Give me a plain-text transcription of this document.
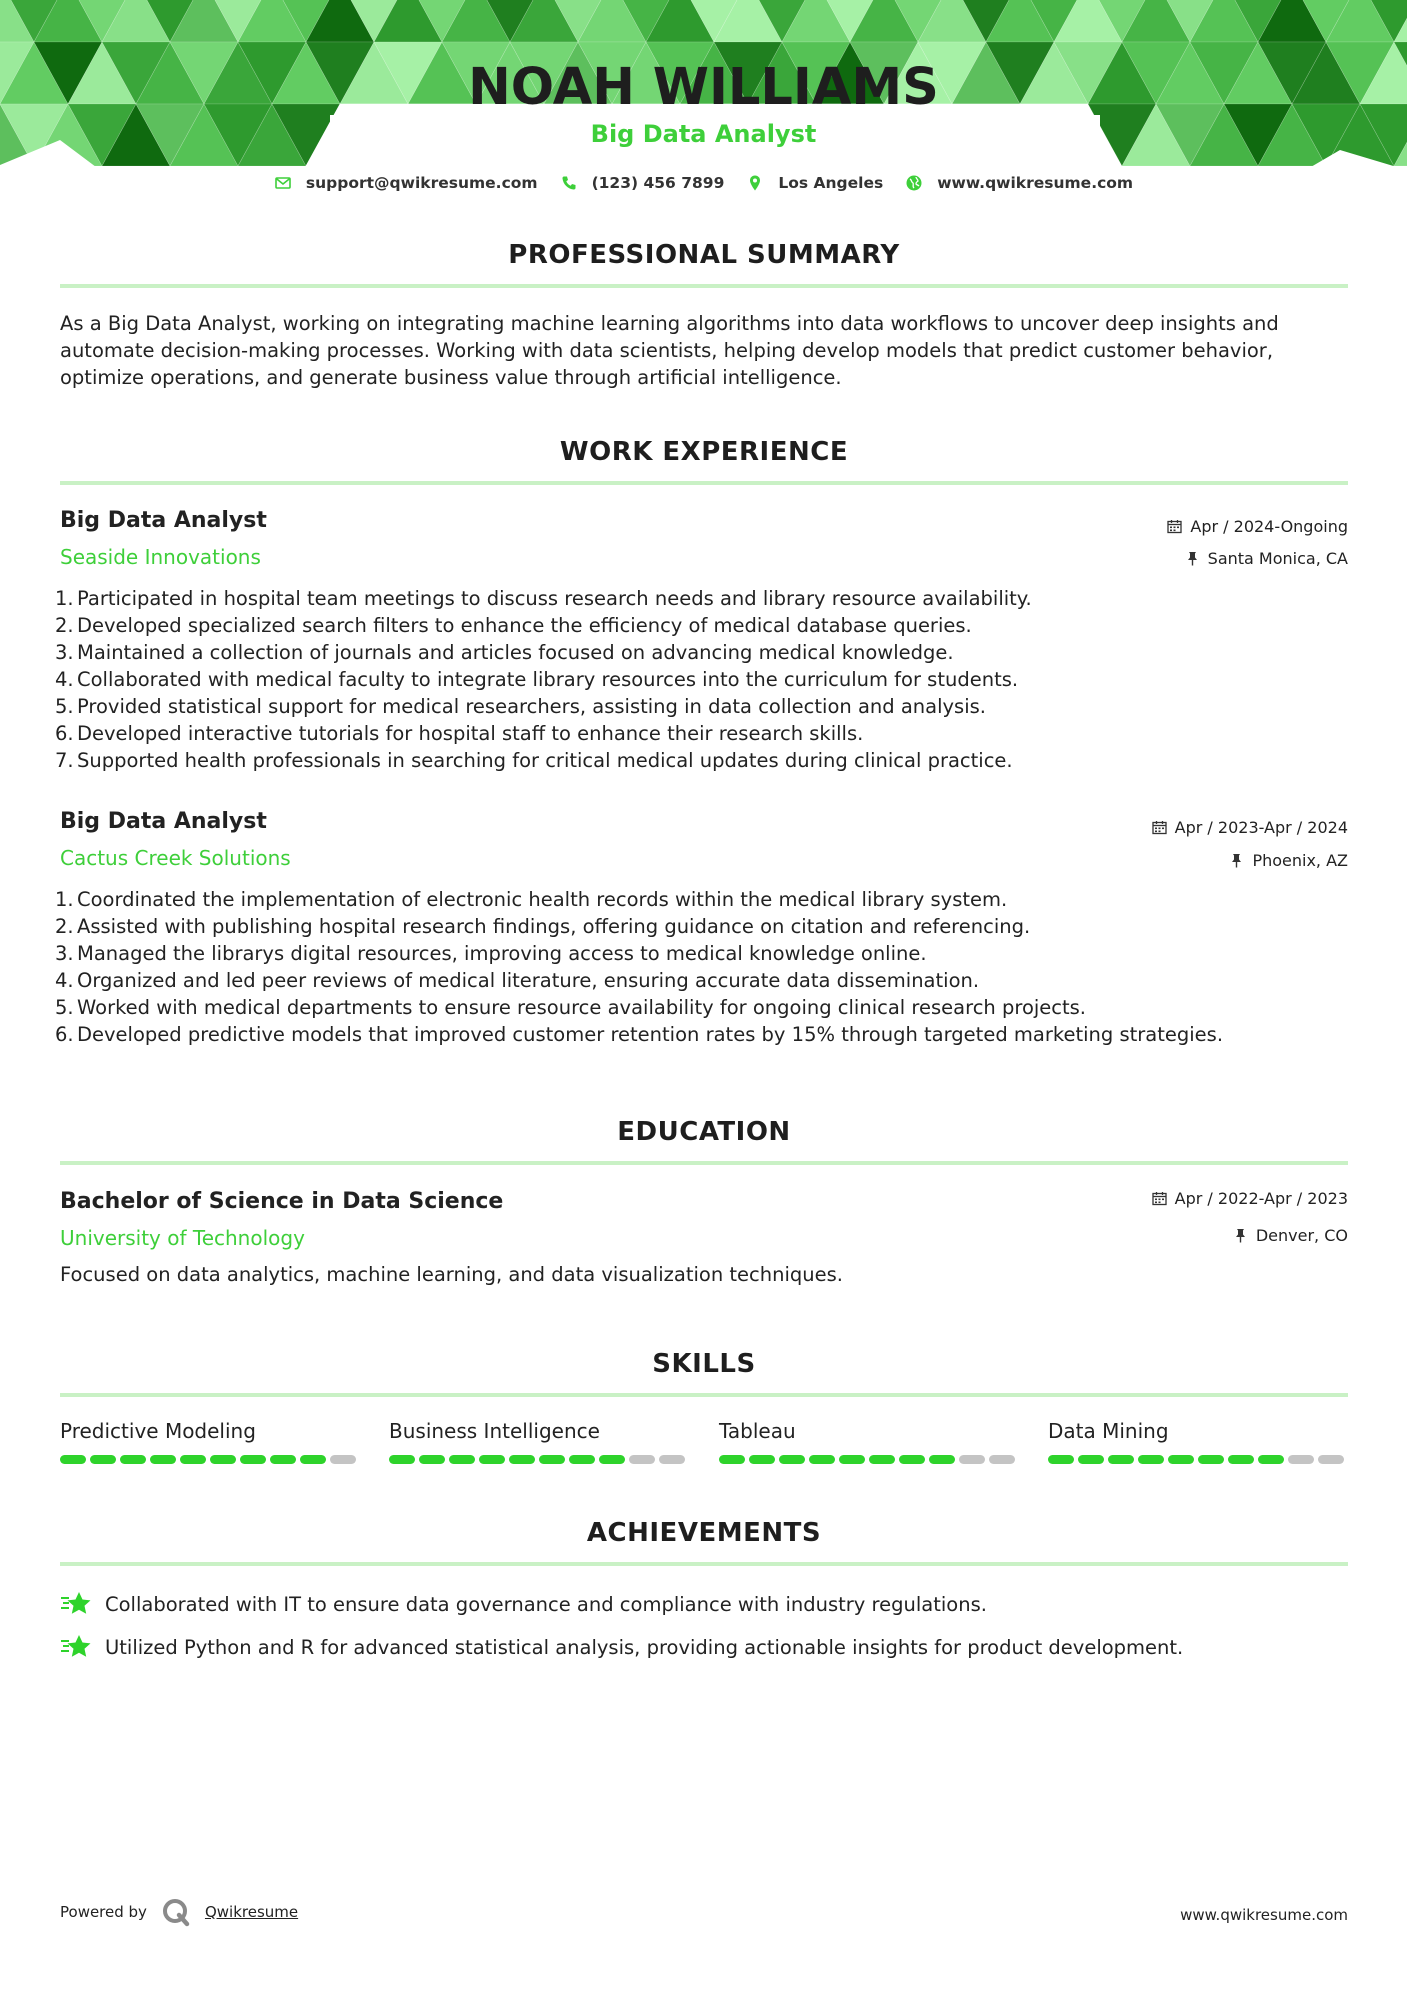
NOAH WILLIAMS
Big Data Analyst
support@qwikresume.com	(123) 456 7899	Los Angeles	www.qwikresume.com
PROFESSIONAL SUMMARY

As a Big Data Analyst, working on integrating machine learning algorithms into data workflows to uncover deep insights and automate decision-making processes. Working with data scientists, helping develop models that predict customer behavior, optimize operations, and generate business value through artificial intelligence.

WORK EXPERIENCE
Big Data Analyst
Seaside Innovations
Apr / 2024-Ongoing
Santa Monica, CA
1. Participated in hospital team meetings to discuss research needs and library resource availability.
2. Developed specialized search filters to enhance the efficiency of medical database queries.
3. Maintained a collection of journals and articles focused on advancing medical knowledge.
4. Collaborated with medical faculty to integrate library resources into the curriculum for students.
5. Provided statistical support for medical researchers, assisting in data collection and analysis.
6. Developed interactive tutorials for hospital staff to enhance their research skills.
7. Supported health professionals in searching for critical medical updates during clinical practice.
Big Data Analyst
Cactus Creek Solutions
Apr / 2023-Apr / 2024
Phoenix, AZ
1. Coordinated the implementation of electronic health records within the medical library system.
2. Assisted with publishing hospital research findings, offering guidance on citation and referencing.
3. Managed the librarys digital resources, improving access to medical knowledge online.
4. Organized and led peer reviews of medical literature, ensuring accurate data dissemination.
5. Worked with medical departments to ensure resource availability for ongoing clinical research projects.
6. Developed predictive models that improved customer retention rates by 15% through targeted marketing strategies.
EDUCATION
Bachelor of Science in Data Science
University of Technology
Apr / 2022-Apr / 2023
Denver, CO

Focused on data analytics, machine learning, and data visualization techniques.

SKILLS
Predictive Modeling	Business Intelligence	Tableau	Data Mining
ACHIEVEMENTS
Collaborated with IT to ensure data governance and compliance with industry regulations.
Utilized Python and R for advanced statistical analysis, providing actionable insights for product development.
Powered by	Qwikresume	www.qwikresume.com
